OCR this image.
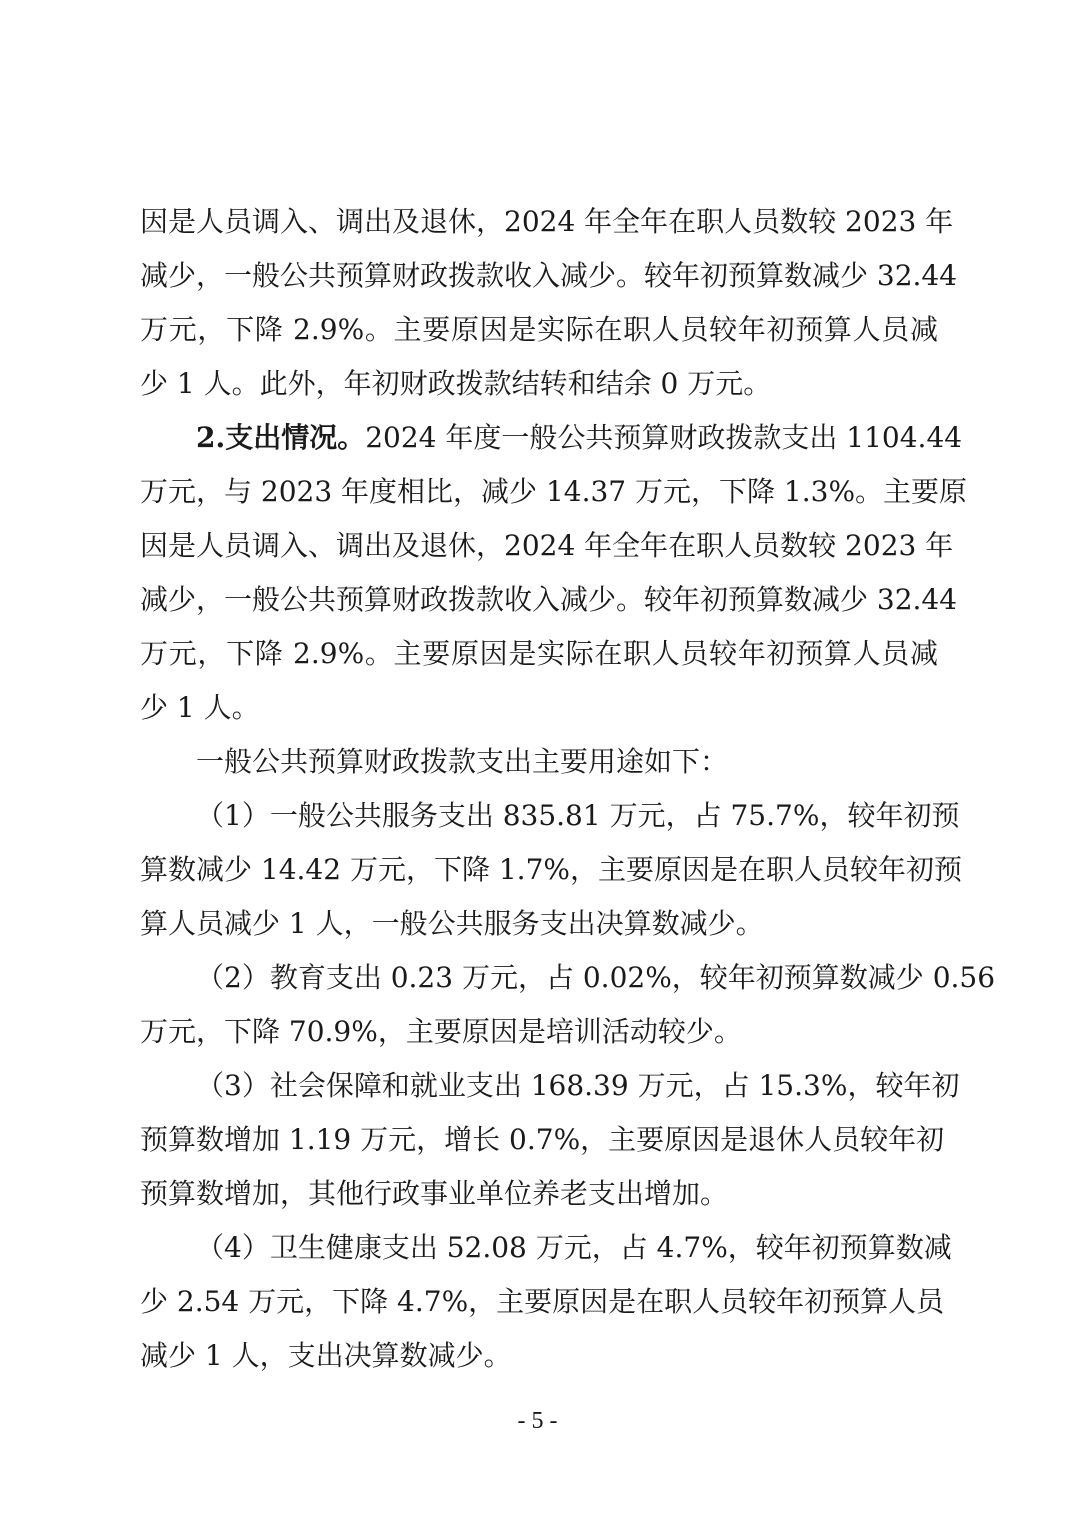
因是人员调入、调出及退休，2024 年全年在职人员数较 2023 年
减少，一般公共预算财政拨款收入减少。较年初预算数减少 32.44
万元，下降 2.9%。主要原因是实际在职人员较年初预算人员减
少 1 人。此外，年初财政拨款结转和结余 0 万元。
2.支出情况。2024 年度一般公共预算财政拨款支出 1104.44
万元，与 2023 年度相比，减少 14.37 万元，下降 1.3%。主要原
因是人员调入、调出及退休，2024 年全年在职人员数较 2023 年
减少，一般公共预算财政拨款收入减少。较年初预算数减少 32.44
万元，下降 2.9%。主要原因是实际在职人员较年初预算人员减
少 1 人。
一般公共预算财政拨款支出主要用途如下：
（1）一般公共服务支出 835.81 万元，占 75.7%，较年初预
算数减少 14.42 万元，下降 1.7%，主要原因是在职人员较年初预
算人员减少 1 人，一般公共服务支出决算数减少。
（2）教育支出 0.23 万元，占 0.02%，较年初预算数减少 0.56
万元，下降 70.9%，主要原因是培训活动较少。
（3）社会保障和就业支出 168.39 万元，占 15.3%，较年初
预算数增加 1.19 万元，增长 0.7%，主要原因是退休人员较年初
预算数增加，其他行政事业单位养老支出增加。
（4）卫生健康支出 52.08 万元，占 4.7%，较年初预算数减
少 2.54 万元，下降 4.7%，主要原因是在职人员较年初预算人员
减少 1 人，支出决算数减少。
- 5 -
